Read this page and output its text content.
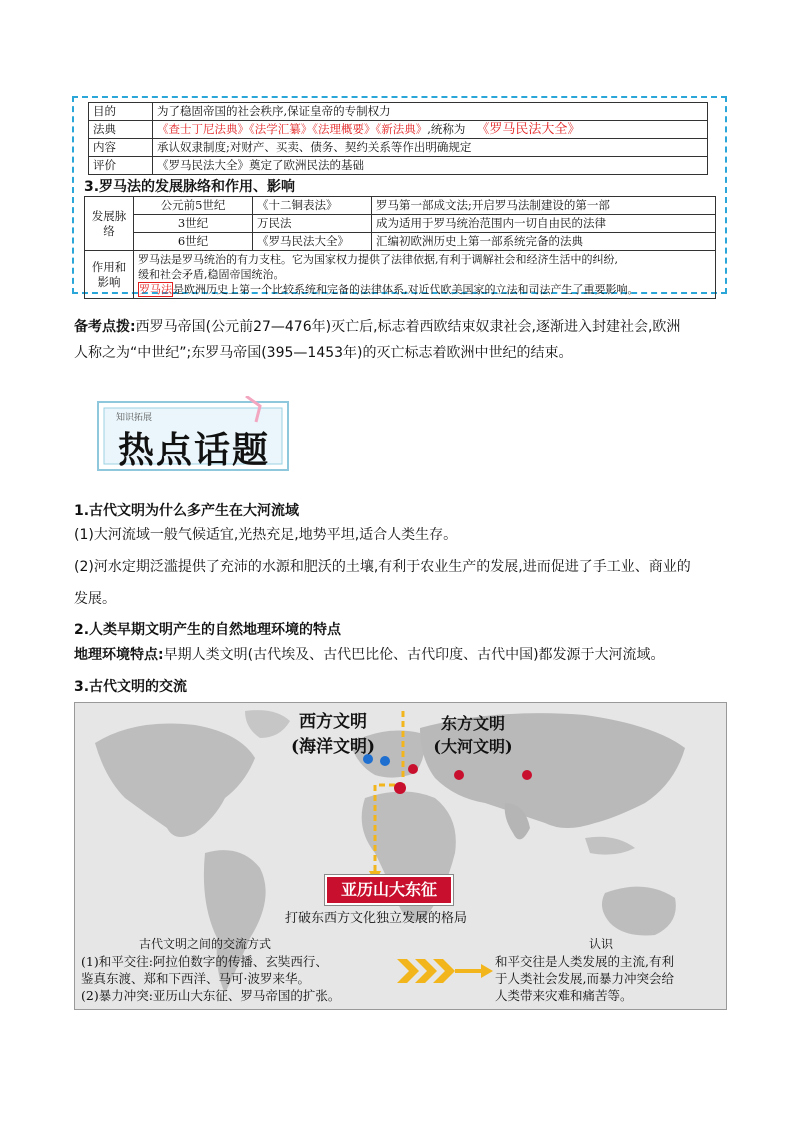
目的	为了稳固帝国的社会秩序,保证皇帝的专制权力
法典	《查士丁尼法典》《法学汇纂》《法理概要》《新法典》,统称为 《罗马民法大全》
内容	承认奴隶制度;对财产、买卖、债务、契约关系等作出明确规定
评价	《罗马民法大全》奠定了欧洲民法的基础
3.罗马法的发展脉络和作用、影响
发展脉络	公元前5世纪	《十二铜表法》	罗马第一部成文法;开启罗马法制建设的第一部
	3世纪	万民法	成为适用于罗马统治范围内一切自由民的法律
	6世纪	《罗马民法大全》	汇编初欧洲历史上第一部系统完备的法典
作用和影响	罗马法是罗马统治的有力支柱。它为国家权力提供了法律依据,有利于调解社会和经济生活中的纠纷,
缓和社会矛盾,稳固帝国统治。
罗马法是欧洲历史上第一个比较系统和完备的法律体系,对近代欧美国家的立法和司法产生了重要影响。		
备考点拨:西罗马帝国(公元前27—476年)灭亡后,标志着西欧结束奴隶社会,逐渐进入封建社会,欧洲
人称之为“中世纪”;东罗马帝国(395—1453年)的灭亡标志着欧洲中世纪的结束。
知识拓展
热点话题
1.古代文明为什么多产生在大河流域
(1)大河流域一般气候适宜,光热充足,地势平坦,适合人类生存。
(2)河水定期泛滥提供了充沛的水源和肥沃的土壤,有利于农业生产的发展,进而促进了手工业、商业的
发展。
2.人类早期文明产生的自然地理环境的特点
地理环境特点:早期人类文明(古代埃及、古代巴比伦、古代印度、古代中国)都发源于大河流域。
3.古代文明的交流
西方文明
(海洋文明)
东方文明
(大河文明)
亚历山大东征
打破东西方文化独立发展的格局
古代文明之间的交流方式
(1)和平交往:阿拉伯数字的传播、玄奘西行、
鉴真东渡、郑和下西洋、马可·波罗来华。
(2)暴力冲突:亚历山大东征、罗马帝国的扩张。
认识
和平交往是人类发展的主流,有利
于人类社会发展,而暴力冲突会给
人类带来灾难和痛苦等。
